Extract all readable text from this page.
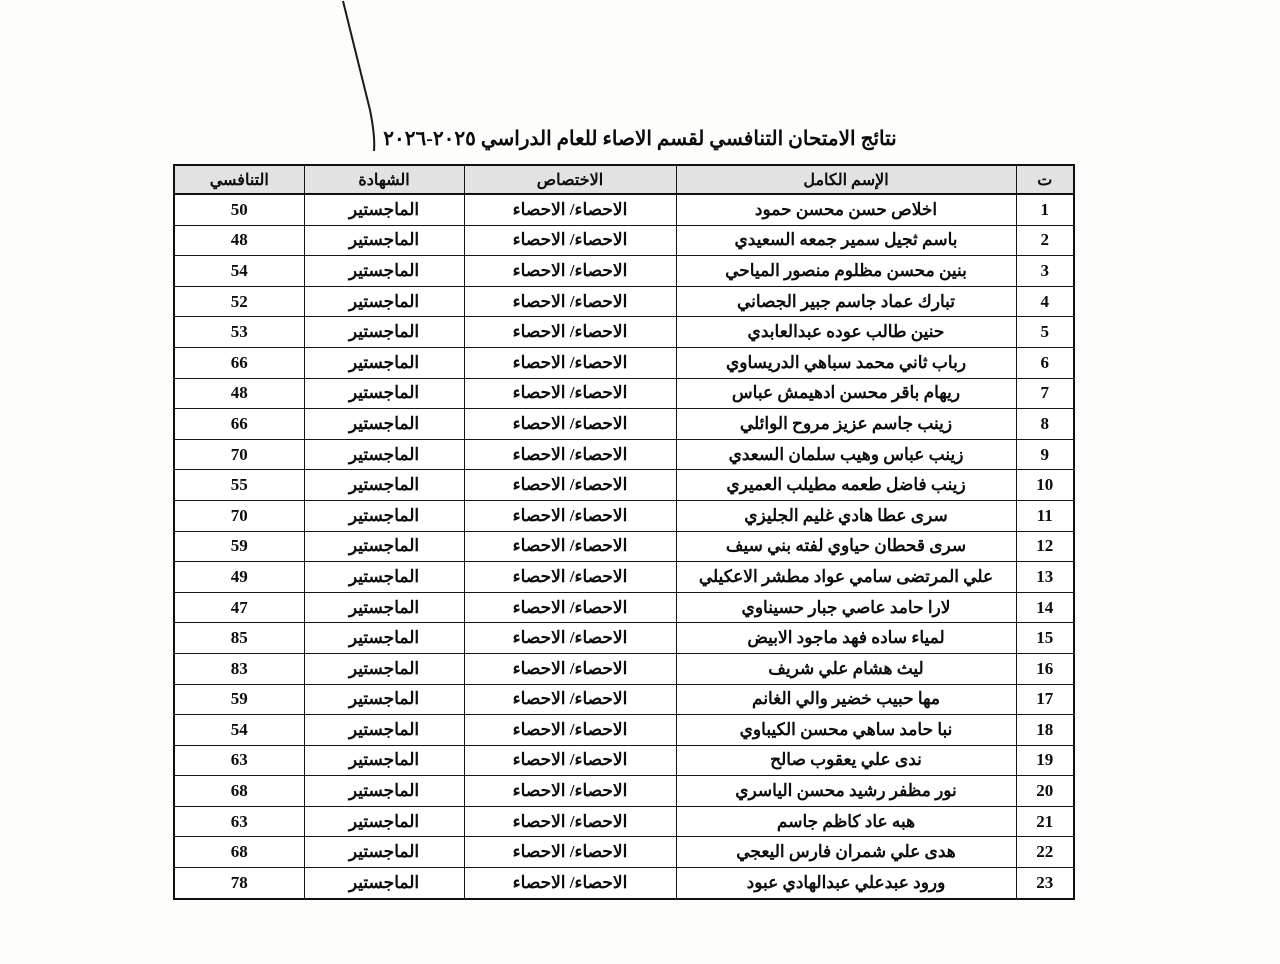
نتائج الامتحان التنافسي لقسم الاصاء للعام الدراسي ٢٠٢٥-٢٠٢٦
ت	الإسم الكامل	الاختصاص	الشهادة	التنافسي
1	اخلاص حسن محسن حمود	الاحصاء/ الاحصاء	الماجستير	50
2	باسم ثجيل سمير جمعه السعيدي	الاحصاء/ الاحصاء	الماجستير	48
3	بنين محسن مظلوم منصور المياحي	الاحصاء/ الاحصاء	الماجستير	54
4	تبارك عماد جاسم جبير الجصاني	الاحصاء/ الاحصاء	الماجستير	52
5	حنين طالب عوده عبدالعابدي	الاحصاء/ الاحصاء	الماجستير	53
6	رباب ثاني محمد سباهي الدريساوي	الاحصاء/ الاحصاء	الماجستير	66
7	ريهام باقر محسن ادهيمش عباس	الاحصاء/ الاحصاء	الماجستير	48
8	زينب جاسم عزيز مروح الوائلي	الاحصاء/ الاحصاء	الماجستير	66
9	زينب عباس وهيب سلمان السعدي	الاحصاء/ الاحصاء	الماجستير	70
10	زينب فاضل طعمه مطيلب العميري	الاحصاء/ الاحصاء	الماجستير	55
11	سرى عطا هادي غليم الجليزي	الاحصاء/ الاحصاء	الماجستير	70
12	سرى قحطان حياوي لفته بني سيف	الاحصاء/ الاحصاء	الماجستير	59
13	علي المرتضى سامي عواد مطشر الاعكيلي	الاحصاء/ الاحصاء	الماجستير	49
14	لارا حامد عاصي جبار حسيناوي	الاحصاء/ الاحصاء	الماجستير	47
15	لمياء ساده فهد ماجود الابيض	الاحصاء/ الاحصاء	الماجستير	85
16	ليث هشام علي شريف	الاحصاء/ الاحصاء	الماجستير	83
17	مها حبيب خضير والي الغانم	الاحصاء/ الاحصاء	الماجستير	59
18	نبا حامد ساهي محسن الكيباوي	الاحصاء/ الاحصاء	الماجستير	54
19	ندى علي يعقوب صالح	الاحصاء/ الاحصاء	الماجستير	63
20	نور مظفر رشيد محسن الياسري	الاحصاء/ الاحصاء	الماجستير	68
21	هبه عاد كاظم جاسم	الاحصاء/ الاحصاء	الماجستير	63
22	هدى علي شمران فارس اليعجي	الاحصاء/ الاحصاء	الماجستير	68
23	ورود عبدعلي عبدالهادي عبود	الاحصاء/ الاحصاء	الماجستير	78
